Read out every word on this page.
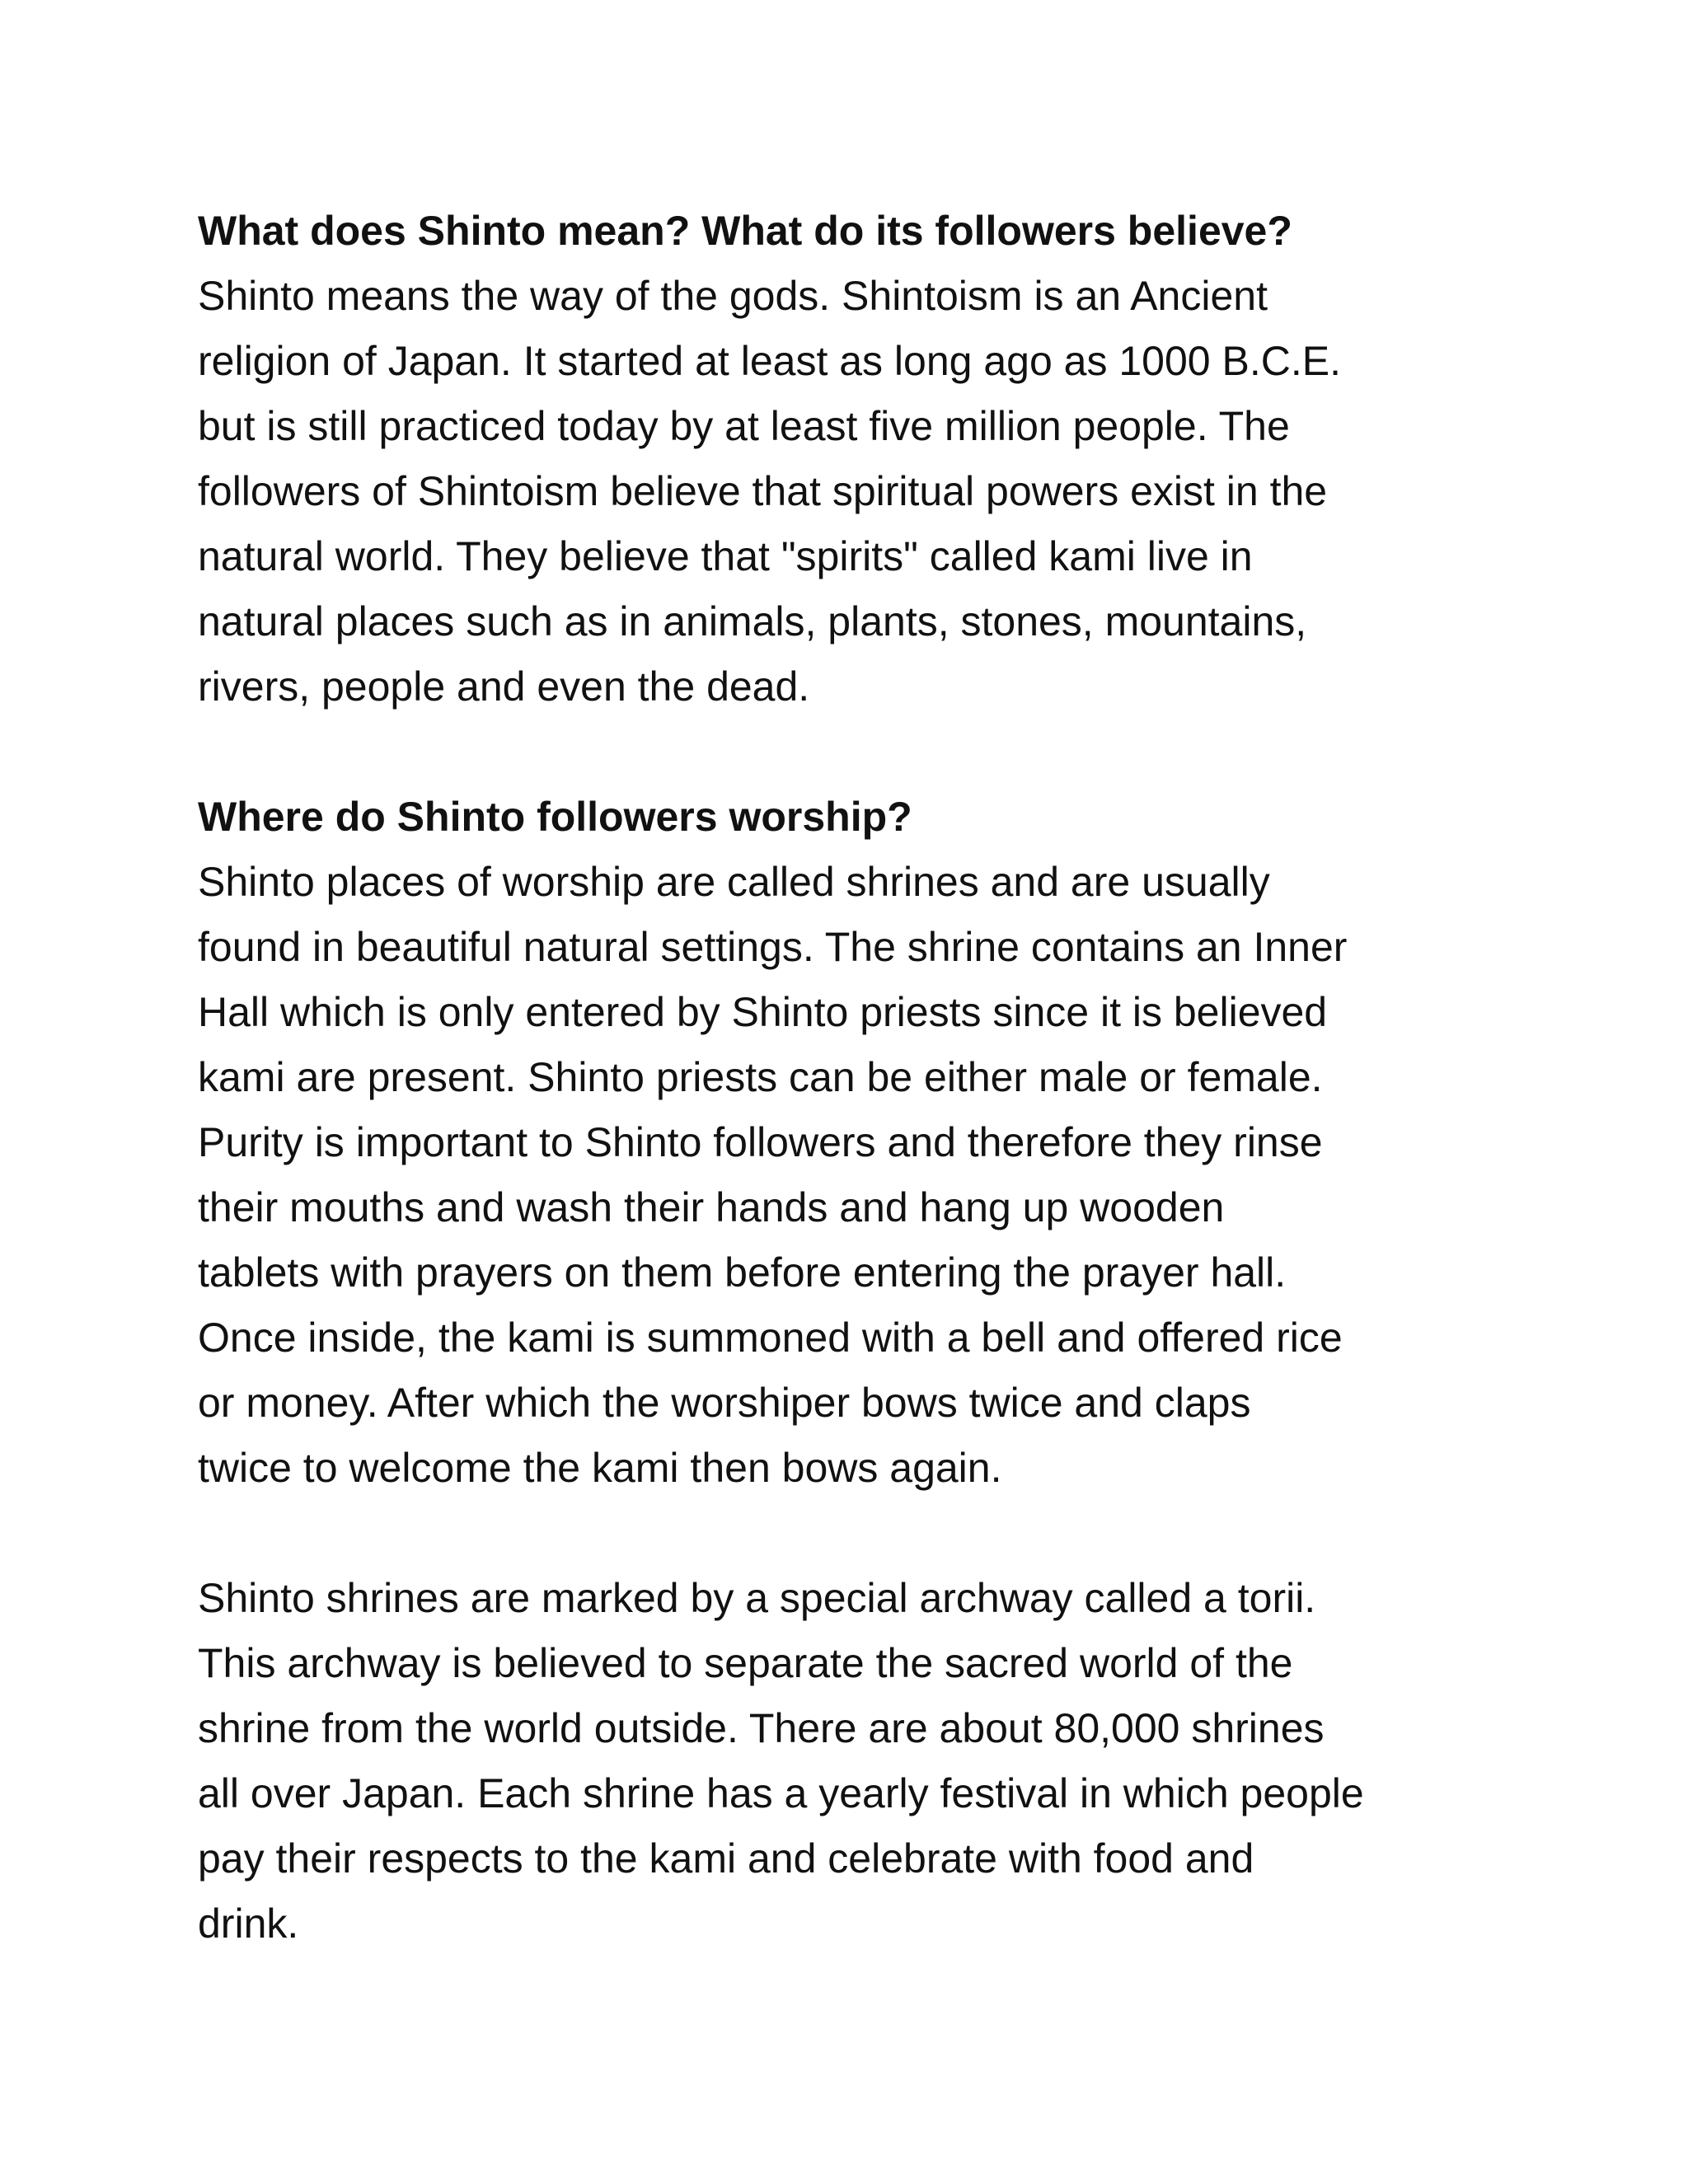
What does Shinto mean? What do its followers believe?
Shinto means the way of the gods. Shintoism is an Ancient
religion of Japan. It started at least as long ago as 1000 B.C.E.
but is still practiced today by at least five million people. The
followers of Shintoism believe that spiritual powers exist in the
natural world. They believe that "spirits" called kami live in
natural places such as in animals, plants, stones, mountains,
rivers, people and even the dead.
Where do Shinto followers worship?
Shinto places of worship are called shrines and are usually
found in beautiful natural settings. The shrine contains an Inner
Hall which is only entered by Shinto priests since it is believed
kami are present. Shinto priests can be either male or female.
Purity is important to Shinto followers and therefore they rinse
their mouths and wash their hands and hang up wooden
tablets with prayers on them before entering the prayer hall.
Once inside, the kami is summoned with a bell and offered rice
or money. After which the worshiper bows twice and claps
twice to welcome the kami then bows again.
Shinto shrines are marked by a special archway called a torii.
This archway is believed to separate the sacred world of the
shrine from the world outside. There are about 80,000 shrines
all over Japan. Each shrine has a yearly festival in which people
pay their respects to the kami and celebrate with food and
drink.
